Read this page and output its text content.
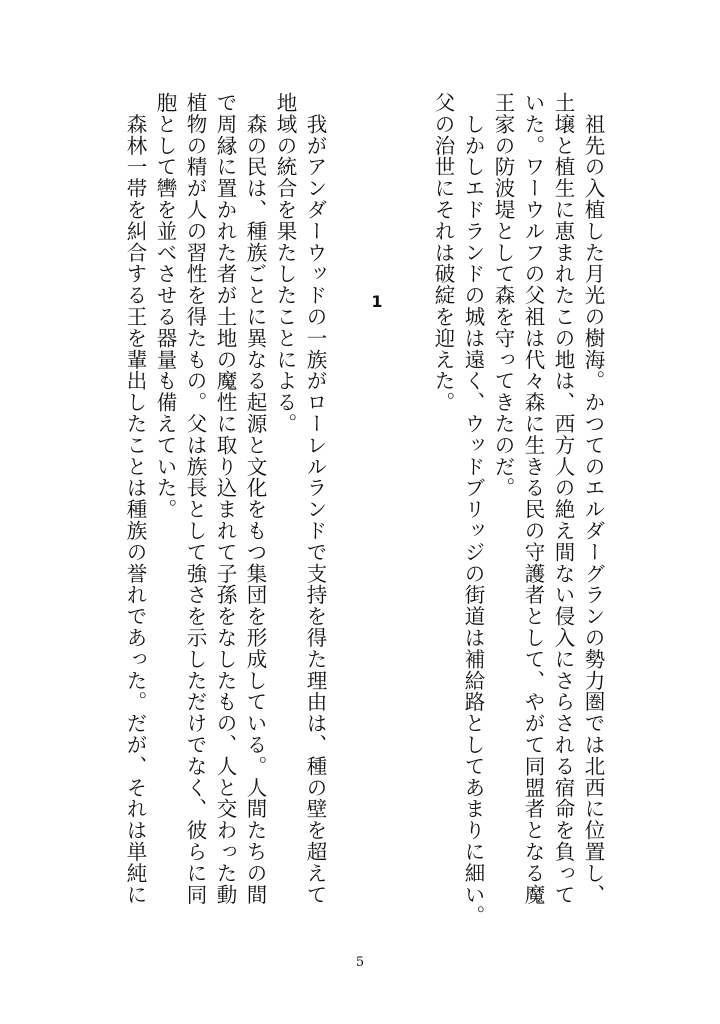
　祖先の入植した月光の樹海。かつてのエルダーグランの勢力圏では北西に位置し、
土壌と植生に恵まれたこの地は、西方人の絶え間ない侵入にさらされる宿命を負って
いた。ワーウルフの父祖は代々森に生きる民の守護者として、やがて同盟者となる魔
王家の防波堤として森を守ってきたのだ。
　しかしエドランドの城は遠く、ウッドブリッジの街道は補給路としてあまりに細い。
父の治世にそれは破綻を迎えた。
1
　我がアンダーウッドの一族がローレルランドで支持を得た理由は、種の壁を超えて
地域の統合を果たしたことによる。
　森の民は、種族ごとに異なる起源と文化をもつ集団を形成している。人間たちの間
で周縁に置かれた者が土地の魔性に取り込まれて子孫をなしたもの、人と交わった動
植物の精が人の習性を得たもの。父は族長として強さを示しただけでなく、彼らに同
胞として轡を並べさせる器量も備えていた。
　森林一帯を糾合する王を輩出したことは種族の誉れであった。だが、それは単純に
5
